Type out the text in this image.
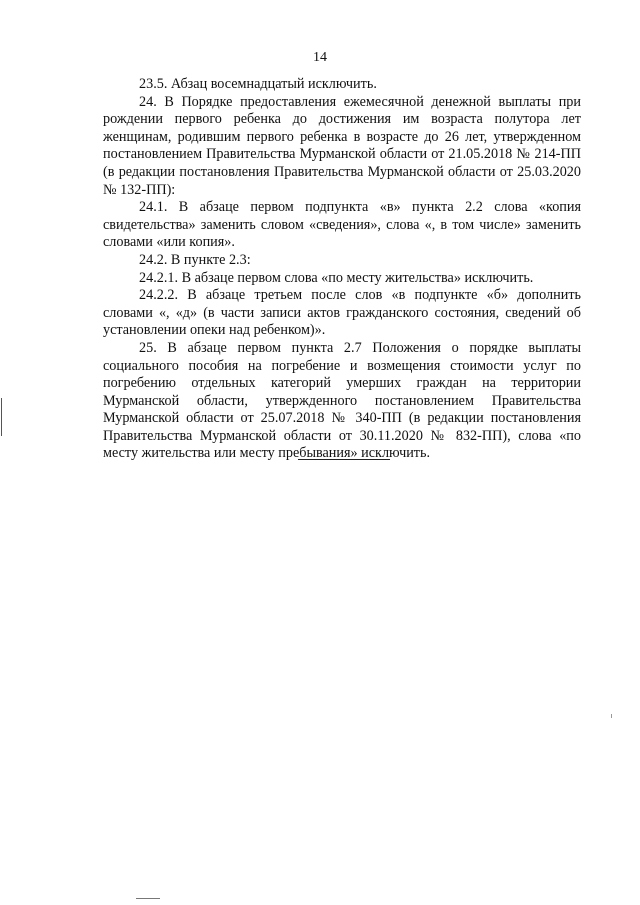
14

23.5. Абзац восемнадцатый исключить.

24. В Порядке предоставления ежемесячной денежной выплаты при рождении первого ребенка до достижения им возраста полутора лет женщинам, родившим первого ребенка в возрасте до 26 лет, утвержденном постановлением Правительства Мурманской области от 21.05.2018 № 214-ПП (в редакции постановления Правительства Мурманской области от 25.03.2020 № 132-ПП):

24.1. В абзаце первом подпункта «в» пункта 2.2 слова «копия свидетельства» заменить словом «сведения», слова «, в том числе» заменить словами «или копия».

24.2. В пункте 2.3:

24.2.1. В абзаце первом слова «по месту жительства» исключить.

24.2.2. В абзаце третьем после слов «в подпункте «б» дополнить словами «, «д» (в части записи актов гражданского состояния, сведений об установлении опеки над ребенком)».

25. В абзаце первом пункта 2.7 Положения о порядке выплаты социального пособия на погребение и возмещения стоимости услуг по погребению отдельных категорий умерших граждан на территории Мурманской области, утвержденного постановлением Правительства Мурманской области от 25.07.2018 № 340-ПП (в редакции постановления Правительства Мурманской области от 30.11.2020 № 832-ПП), слова «по месту жительства или месту пребывания» исключить.
